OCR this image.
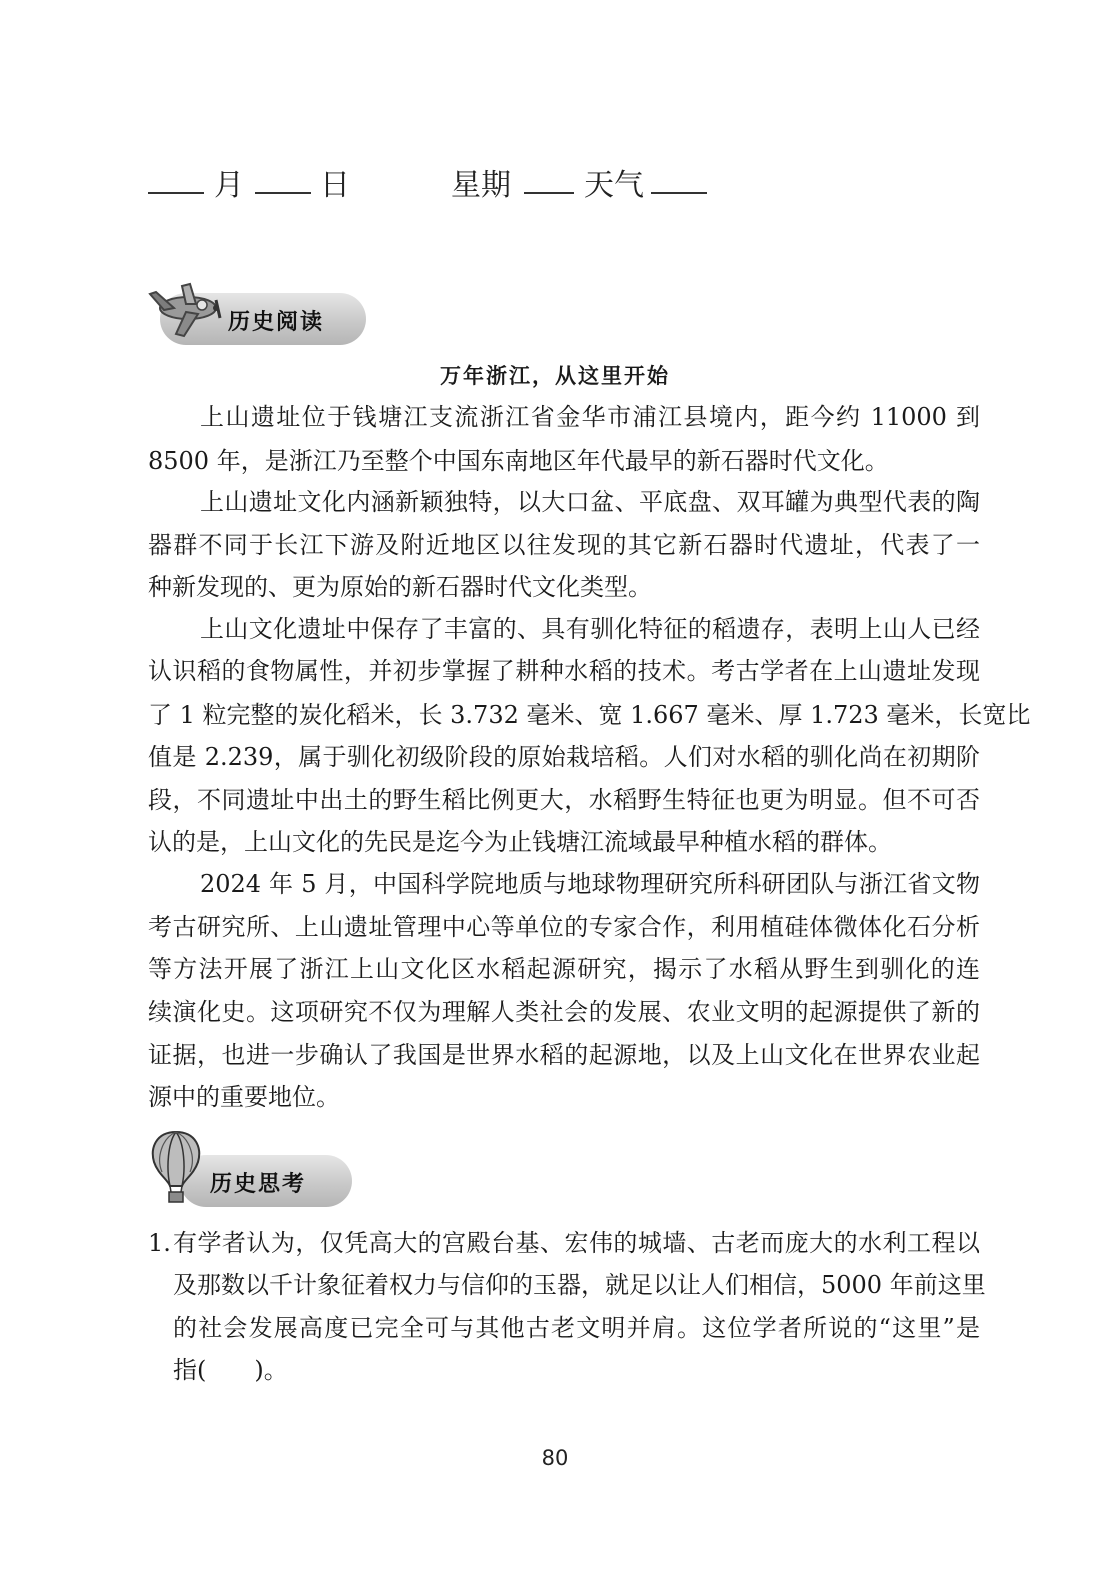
月	日	星期 天气
历史阅读
万年浙江，从这里开始
上山遗址位于钱塘江支流浙江省金华市浦江县境内，距今约 11000 到
8500 年，是浙江乃至整个中国东南地区年代最早的新石器时代文化。
上山遗址文化内涵新颖独特，以大口盆、平底盘、双耳罐为典型代表的陶
器群不同于长江下游及附近地区以往发现的其它新石器时代遗址，代表了一
种新发现的、更为原始的新石器时代文化类型。
上山文化遗址中保存了丰富的、具有驯化特征的稻遗存，表明上山人已经
认识稻的食物属性，并初步掌握了耕种水稻的技术。考古学者在上山遗址发现
了 1 粒完整的炭化稻米，长 3.732 毫米、宽 1.667 毫米、厚 1.723 毫米，长宽比
值是 2.239，属于驯化初级阶段的原始栽培稻。人们对水稻的驯化尚在初期阶
段，不同遗址中出土的野生稻比例更大，水稻野生特征也更为明显。但不可否
认的是，上山文化的先民是迄今为止钱塘江流域最早种植水稻的群体。
2024 年 5 月，中国科学院地质与地球物理研究所科研团队与浙江省文物
考古研究所、上山遗址管理中心等单位的专家合作，利用植硅体微体化石分析
等方法开展了浙江上山文化区水稻起源研究，揭示了水稻从野生到驯化的连
续演化史。这项研究不仅为理解人类社会的发展、农业文明的起源提供了新的
证据，也进一步确认了我国是世界水稻的起源地，以及上山文化在世界农业起
源中的重要地位。
历史思考
1. 有学者认为，仅凭高大的宫殿台基、宏伟的城墙、古老而庞大的水利工程以
及那数以千计象征着权力与信仰的玉器，就足以让人们相信，5000 年前这里
的社会发展高度已完全可与其他古老文明并肩。这位学者所说的“这里”是
指(　　)。
80
